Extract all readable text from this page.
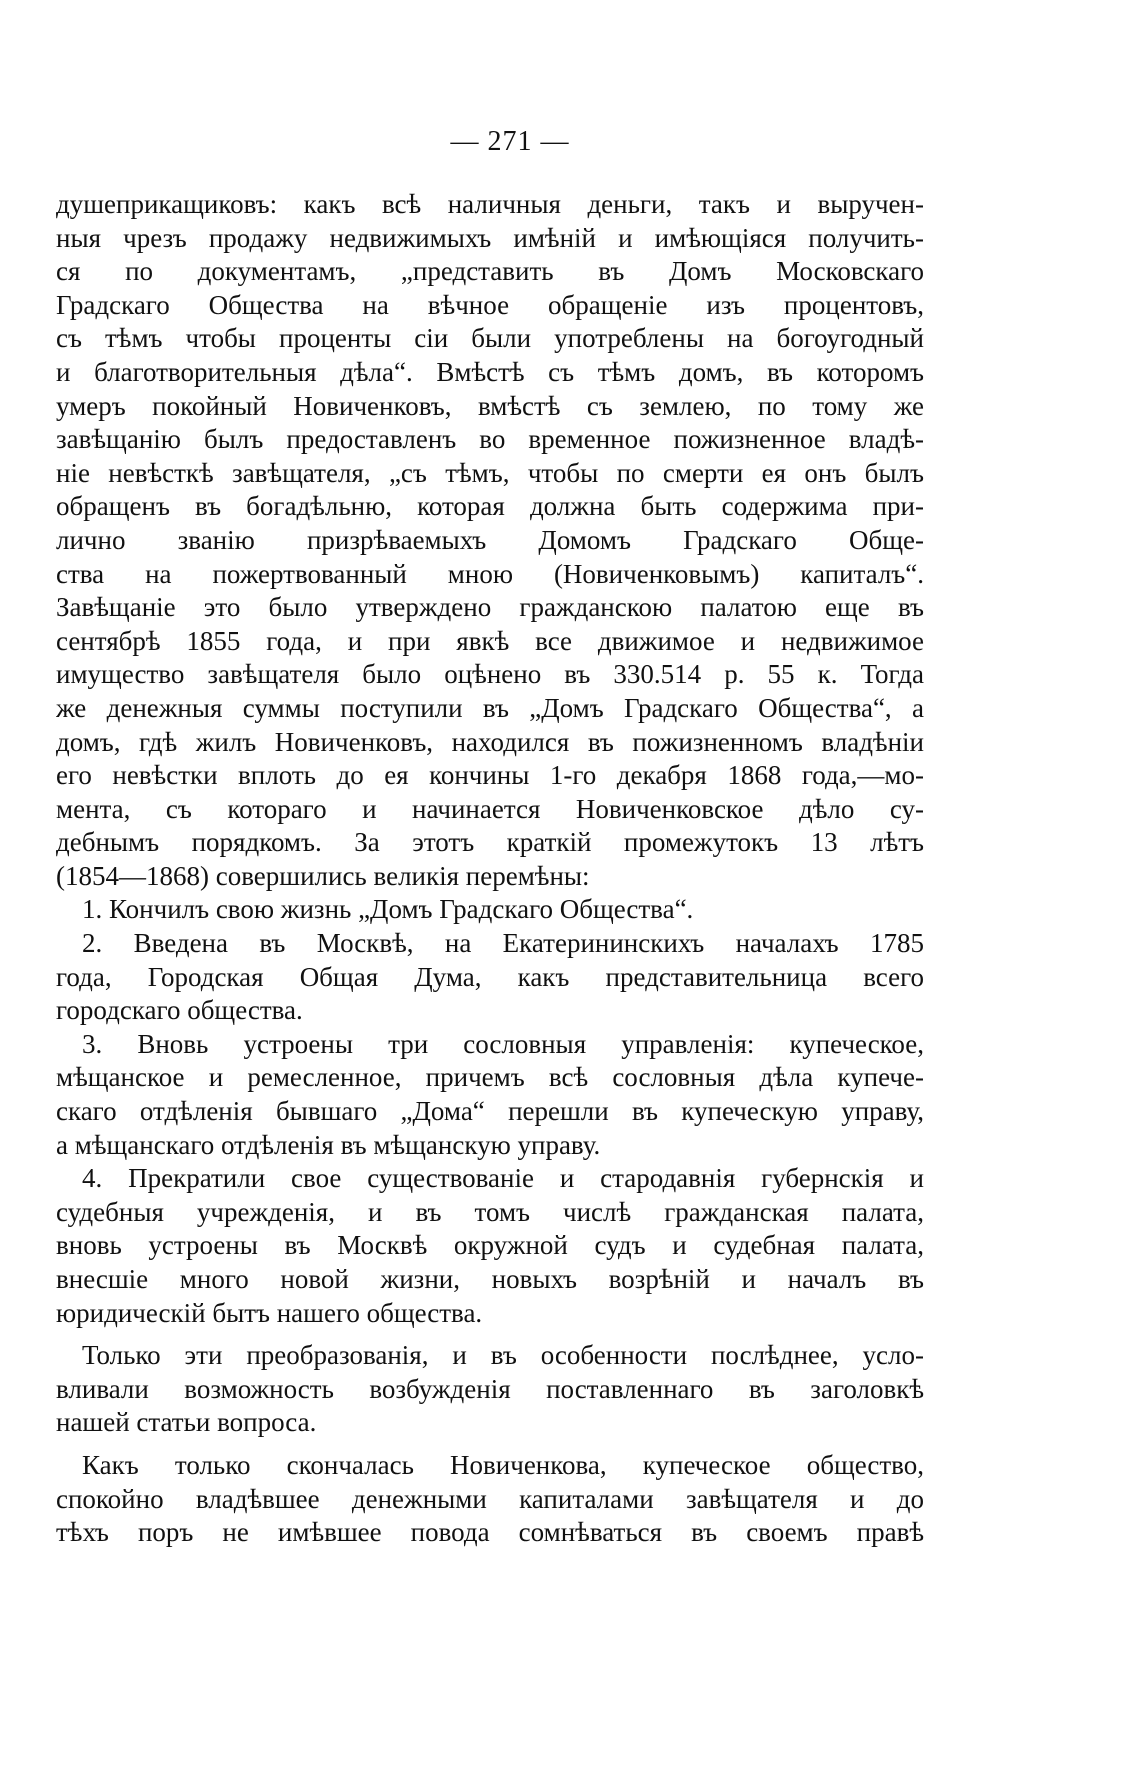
— 271 —
душеприкащиковъ: какъ всѣ наличныя деньги, такъ и выручен-
ныя чрезъ продажу недвижимыхъ имѣній и имѣющіяся получить-
ся по документамъ, „представить въ Домъ Московскаго
Градскаго Общества на вѣчное обращеніе изъ процентовъ,
съ тѣмъ чтобы проценты сіи были употреблены на богоугодный
и благотворительныя дѣла“. Вмѣстѣ съ тѣмъ домъ, въ которомъ
умеръ покойный Новиченковъ, вмѣстѣ съ землею, по тому же
завѣщанію былъ предоставленъ во временное пожизненное владѣ-
ніе невѣсткѣ завѣщателя, „съ тѣмъ, чтобы по смерти ея онъ былъ
обращенъ въ богадѣльню, которая должна быть содержима при-
лично званію призрѣваемыхъ Домомъ Градскаго Обще-
ства на пожертвованный мною (Новиченковымъ) капиталъ“.
Завѣщаніе это было утверждено гражданскою палатою еще въ
сентябрѣ 1855 года, и при явкѣ все движимое и недвижимое
имущество завѣщателя было оцѣнено въ 330.514 р. 55 к. Тогда
же денежныя суммы поступили въ „Домъ Градскаго Общества“, а
домъ, гдѣ жилъ Новиченковъ, находился въ пожизненномъ владѣніи
его невѣстки вплоть до ея кончины 1-го декабря 1868 года,—мо-
мента, съ котораго и начинается Новиченковское дѣло су-
дебнымъ порядкомъ. За этотъ краткій промежутокъ 13 лѣтъ
(1854—1868) совершились великія перемѣны:
1. Кончилъ свою жизнь „Домъ Градскаго Общества“.
2. Введена въ Москвѣ, на Екатерининскихъ началахъ 1785
года, Городская Общая Дума, какъ представительница всего
городскаго общества.
3. Вновь устроены три сословныя управленія: купеческое,
мѣщанское и ремесленное, причемъ всѣ сословныя дѣла купече-
скаго отдѣленія бывшаго „Дома“ перешли въ купеческую управу,
а мѣщанскаго отдѣленія въ мѣщанскую управу.
4. Прекратили свое существованіе и стародавнія губернскія и
судебныя учрежденія, и въ томъ числѣ гражданская палата,
вновь устроены въ Москвѣ окружной судъ и судебная палата,
внесшіе много новой жизни, новыхъ возрѣній и началъ въ
юридическій бытъ нашего общества.
Только эти преобразованія, и въ особенности послѣднее, усло-
вливали возможность возбужденія поставленнаго въ заголовкѣ
нашей статьи вопроса.
Какъ только скончалась Новиченкова, купеческое общество,
спокойно владѣвшее денежными капиталами завѣщателя и до
тѣхъ поръ не имѣвшее повода сомнѣваться въ своемъ правѣ
